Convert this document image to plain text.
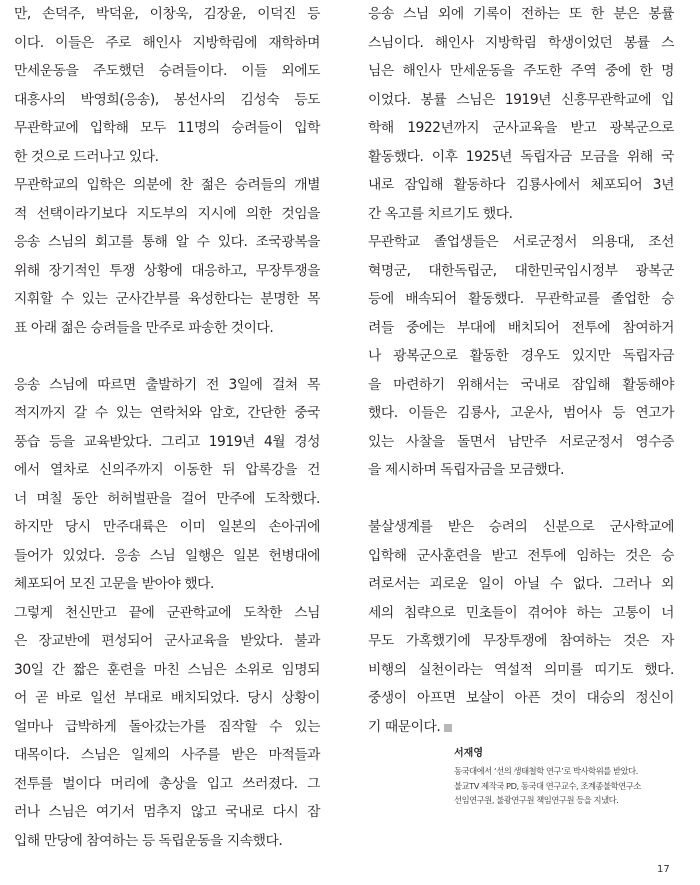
만, 손덕주, 박덕윤, 이창욱, 김장윤, 이덕진 등
이다. 이들은 주로 해인사 지방학림에 재학하며
만세운동을 주도했던 승려들이다. 이들 외에도
대흥사의 박영희(응송), 봉선사의 김성숙 등도
무관학교에 입학해 모두 11명의 승려들이 입학
한 것으로 드러나고 있다.
무관학교의 입학은 의분에 찬 젊은 승려들의 개별
적 선택이라기보다 지도부의 지시에 의한 것임을
응송 스님의 회고를 통해 알 수 있다. 조국광복을
위해 장기적인 투쟁 상황에 대응하고, 무장투쟁을
지휘할 수 있는 군사간부를 육성한다는 분명한 목
표 아래 젊은 승려들을 만주로 파송한 것이다.
응송 스님에 따르면 출발하기 전 3일에 걸쳐 목
적지까지 갈 수 있는 연락처와 암호, 간단한 중국
풍습 등을 교육받았다. 그리고 1919년 4월 경성
에서 열차로 신의주까지 이동한 뒤 압록강을 건
너 며칠 동안 허허벌판을 걸어 만주에 도착했다.
하지만 당시 만주대륙은 이미 일본의 손아귀에
들어가 있었다. 응송 스님 일행은 일본 헌병대에
체포되어 모진 고문을 받아야 했다.
그렇게 천신만고 끝에 군관학교에 도착한 스님
은 장교반에 편성되어 군사교육을 받았다. 불과
30일 간 짧은 훈련을 마친 스님은 소위로 임명되
어 곧 바로 일선 부대로 배치되었다. 당시 상황이
얼마나 급박하게 돌아갔는가를 짐작할 수 있는
대목이다. 스님은 일제의 사주를 받은 마적들과
전투를 벌이다 머리에 총상을 입고 쓰러졌다. 그
러나 스님은 여기서 멈추지 않고 국내로 다시 잠
입해 만당에 참여하는 등 독립운동을 지속했다.
응송 스님 외에 기록이 전하는 또 한 분은 봉률
스님이다. 해인사 지방학림 학생이었던 봉률 스
님은 해인사 만세운동을 주도한 주역 중에 한 명
이었다. 봉률 스님은 1919년 신흥무관학교에 입
학해 1922년까지 군사교육을 받고 광복군으로
활동했다. 이후 1925년 독립자금 모금을 위해 국
내로 잠입해 활동하다 김룡사에서 체포되어 3년
간 옥고를 치르기도 했다.
무관학교 졸업생들은 서로군정서 의용대, 조선
혁명군, 대한독립군, 대한민국임시정부 광복군
등에 배속되어 활동했다. 무관학교를 졸업한 승
려들 중에는 부대에 배치되어 전투에 참여하거
나 광복군으로 활동한 경우도 있지만 독립자금
을 마련하기 위해서는 국내로 잠입해 활동해야
했다. 이들은 김룡사, 고운사, 범어사 등 연고가
있는 사찰을 돌면서 남만주 서로군정서 영수증
을 제시하며 독립자금을 모금했다.
불살생계를 받은 승려의 신분으로 군사학교에
입학해 군사훈련을 받고 전투에 임하는 것은 승
려로서는 괴로운 일이 아닐 수 없다. 그러나 외
세의 침략으로 민초들이 겪어야 하는 고통이 너
무도 가혹했기에 무장투쟁에 참여하는 것은 자
비행의 실천이라는 역설적 의미를 띠기도 했다.
중생이 아프면 보살이 아픈 것이 대승의 정신이
기 때문이다.
서재영
동국대에서 ‘선의 생태철학 연구’로 박사학위를 받았다.
불교TV 제작국 PD, 동국대 연구교수, 조계종불학연구소
선임연구원, 불광연구원 책임연구원 등을 지냈다.
17
